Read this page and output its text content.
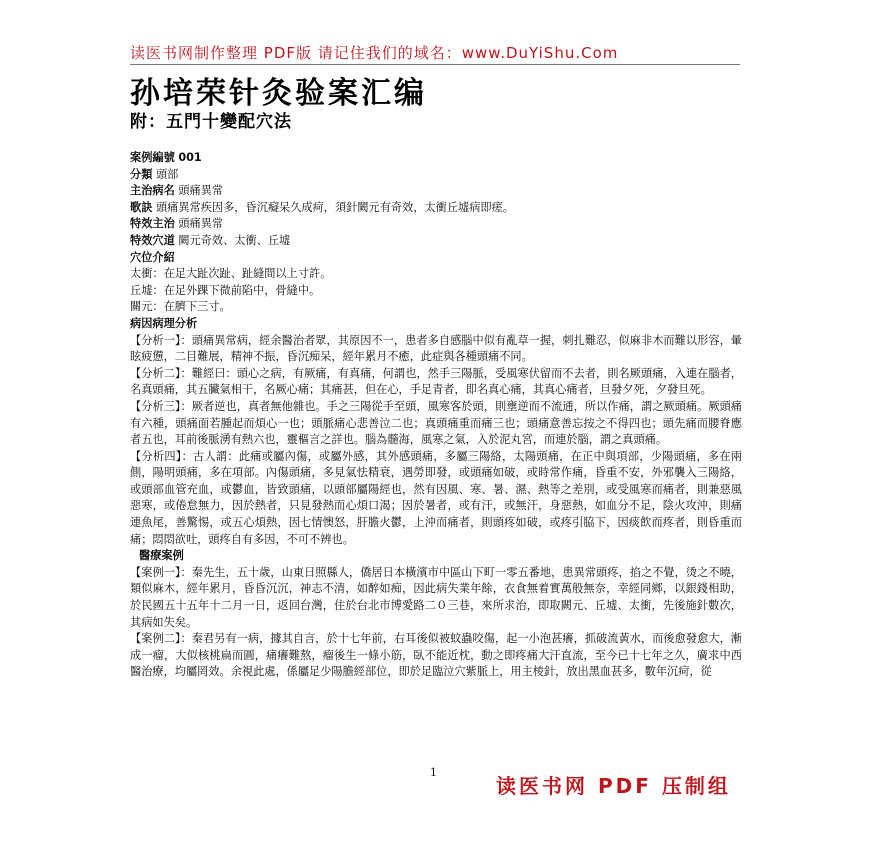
读医书网制作整理 PDF版 请记住我们的域名：www.DuYiShu.Com
孙培荣针灸验案汇编
附：五門十變配穴法
案例編號 001
分類 頭部
主治病名 頭痛異常
歌訣 頭痛異常疾因多，昏沉癡呆久成疴，須針闕元有奇效，太衝丘墟病即瘥。
特效主治 頭痛異常
特效穴道 闕元奇效、太衝、丘墟
穴位介紹
太衝：在足大趾次趾、趾縫間以上寸許。
丘墟：在足外踝下微前陷中，骨縫中。
關元：在臍下三寸。
病因病理分析
【分析一】：頭痛異常病，經余醫治者眾，其原因不一，患者多自感腦中似有亂草一握，刺扎難忍，似麻非木而難以形容，暈眩疲憊，二目難展，精神不振，昏沉痴呆，經年累月不癒，此症與各種頭痛不同。
【分析二】：難經曰：頭心之病，有厥痛，有真痛，何謂也，然手三陽脈，受風寒伏留而不去者，則名厥頭痛，入連在腦者，名真頭痛，其五臟氣相干，名厥心痛；其痛甚，但在心，手足青者，即名真心痛，其真心痛者，旦發夕死，夕發旦死。
【分析三】：厥者逆也，真者無他雜也。手之三陽從手至頭，風寒客於頭，則壅逆而不流通，所以作痛，謂之厥頭痛。厥頭痛有六種，頭痛面若腫起而煩心一也；頭脈痛心悲善泣二也；真頭痛重而痛三也；頭痛意善忘按之不得四也；頭先痛而腰脊應者五也，耳前後脈湧有熱六也，靈樞言之詳也。腦為髓海，風寒之氣，入於泥丸宮，而連於腦，謂之真頭痛。
【分析四】：古人謂：此痛或屬內傷，或屬外感，其外感頭痛，多屬三陽絡，太陽頭痛，在正中與項部，少陽頭痛，多在兩側，陽明頭痛，多在項部。內傷頭痛，多見氣怯精衰，遇勞即發，或頭痛如破，或時常作痛，昏重不安，外邪襲入三陽絡，或頭部血管充血，或鬱血，皆致頭痛，以頭部屬陽經也，然有因風、寒、暑、濕、熱等之差別，或受風寒而痛者，則兼惡風惡寒，或倦怠無力，因於熱者，只見發熱而心煩口渴；因於暑者，或有汗，或無汗，身惡熱，如血分不足，陰火攻沖，則痛連魚尾，善驚惕，或五心煩熱，因七情懊怒，肝膽火鬱，上沖而痛者，則頭疼如破，或疼引脇下，因痰飲而疼者，則昏重而痛；悶悶欲吐，頭疼自有多因，不可不辨也。
醫療案例
【案例一】：秦先生，五十歲，山東日照縣人，僑居日本橫濱市中區山下町一零五番地，患異常頭疼，掐之不覺，烫之不曉，類似麻木，經年累月，昏昏沉沉，神志不清，如醉如痴，因此病失業年餘，衣食無着實萬般無奈，幸經同鄉，以銀錢相助，於民國五十五年十二月一日，返回台灣，住於台北市博愛路二０三巷，來所求治，即取闕元、丘墟、太衝，先後施針數次，其病如失矣。
【案例二】：秦君另有一病，據其自言，於十七年前，右耳後似被蚊蟲咬傷，起一小泡甚癢，抓破流黃水，而後愈發愈大，漸成一瘤，大似核桃扁而圓，痛癢難熬，瘤後生一條小筋，臥不能近枕，動之即疼痛大汗直流，至今已十七年之久，廣求中西醫治療，均屬罔效。余視此處，係屬足少陽膽經部位，即於足臨泣穴紫脈上，用主棱針，放出黑血甚多，數年沉疴，從
1
读医书网 PDF 压制组
